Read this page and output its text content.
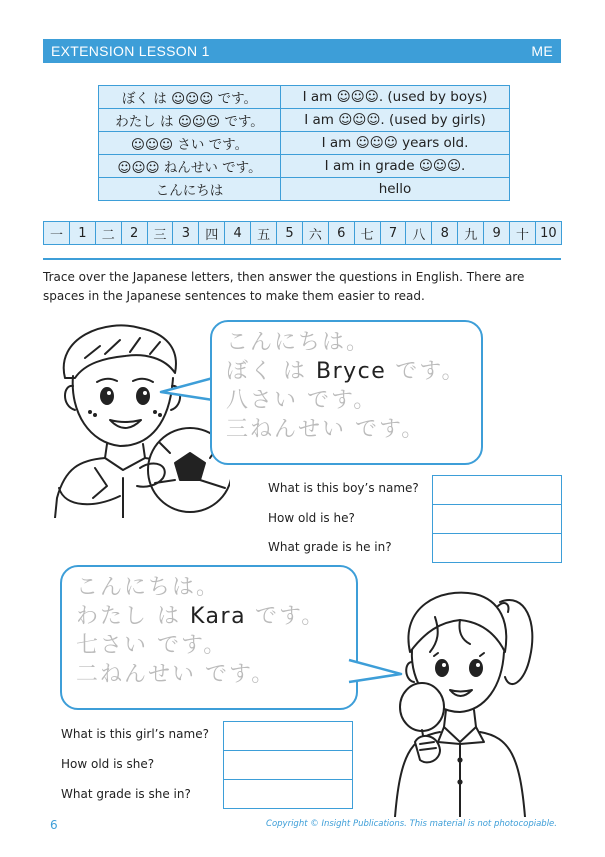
EXTENSION LESSON 1	ME
ぼく は ☺☺☺ です。	I am ☺☺☺. (used by boys)
わたし は ☺☺☺ です。	I am ☺☺☺. (used by girls)
☺☺☺ さい です。	I am ☺☺☺ years old.
☺☺☺ ねんせい です。	I am in grade ☺☺☺.
こんにちは	hello
一	1	二	2	三	3	四	4	五	5	六	6	七	7	八	8	九	9	十	10
Trace over the Japanese letters, then answer the questions in English. There are spaces in the Japanese sentences to make them easier to read.
こんにちは。
ぼく は Bryce です。
八さい です。
三ねんせい です。
What is this boy’s name?
How old is he?
What grade is he in?
こんにちは。
わたし は Kara です。
七さい です。
二ねんせい です。
What is this girl’s name?
How old is she?
What grade is she in?
6	Copyright © Insight Publications. This material is not photocopiable.
